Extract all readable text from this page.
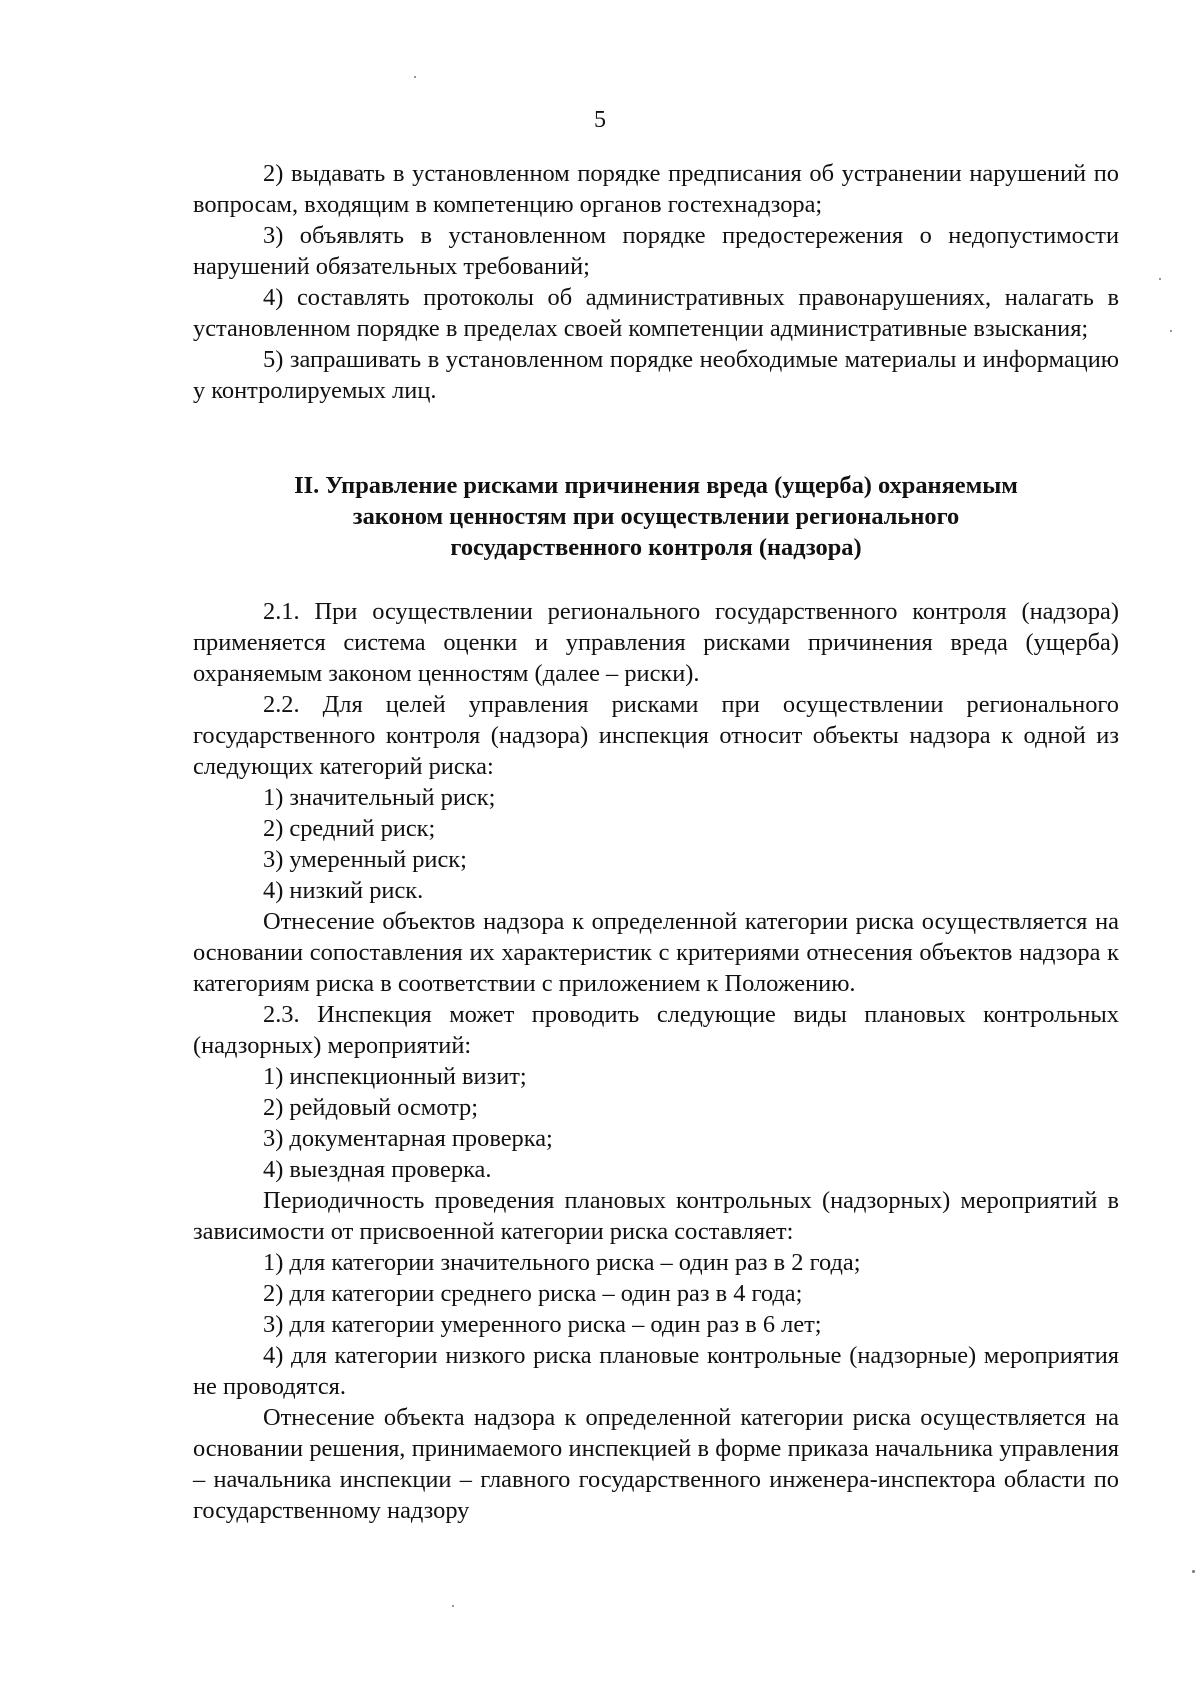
5

2) выдавать в установленном порядке предписания об устранении нарушений по вопросам, входящим в компетенцию органов гостехнадзора;

3) объявлять в установленном порядке предостережения о недопустимости нарушений обязательных требований;

4) составлять протоколы об административных правонарушениях, налагать в установленном порядке в пределах своей компетенции административные взыскания;

5) запрашивать в установленном порядке необходимые материалы и информацию у контролируемых лиц.

II. Управление рисками причинения вреда (ущерба) охраняемым
законом ценностям при осуществлении регионального
государственного контроля (надзора)

2.1. При осуществлении регионального государственного контроля (надзора) применяется система оценки и управления рисками причинения вреда (ущерба) охраняемым законом ценностям (далее – риски).

2.2. Для целей управления рисками при осуществлении регионального государственного контроля (надзора) инспекция относит объекты надзора к одной из следующих категорий риска:

1) значительный риск;

2) средний риск;

3) умеренный риск;

4) низкий риск.

Отнесение объектов надзора к определенной категории риска осуществляется на основании сопоставления их характеристик с критериями отнесения объектов надзора к категориям риска в соответствии с приложением к Положению.

2.3. Инспекция может проводить следующие виды плановых контрольных (надзорных) мероприятий:

1) инспекционный визит;

2) рейдовый осмотр;

3) документарная проверка;

4) выездная проверка.

Периодичность проведения плановых контрольных (надзорных) мероприятий в зависимости от присвоенной категории риска составляет:

1) для категории значительного риска – один раз в 2 года;

2) для категории среднего риска – один раз в 4 года;

3) для категории умеренного риска – один раз в 6 лет;

4) для категории низкого риска плановые контрольные (надзорные) мероприятия не проводятся.

Отнесение объекта надзора к определенной категории риска осуществляется на основании решения, принимаемого инспекцией в форме приказа начальника управления – начальника инспекции – главного государственного инженера-инспектора области по государственному надзору
